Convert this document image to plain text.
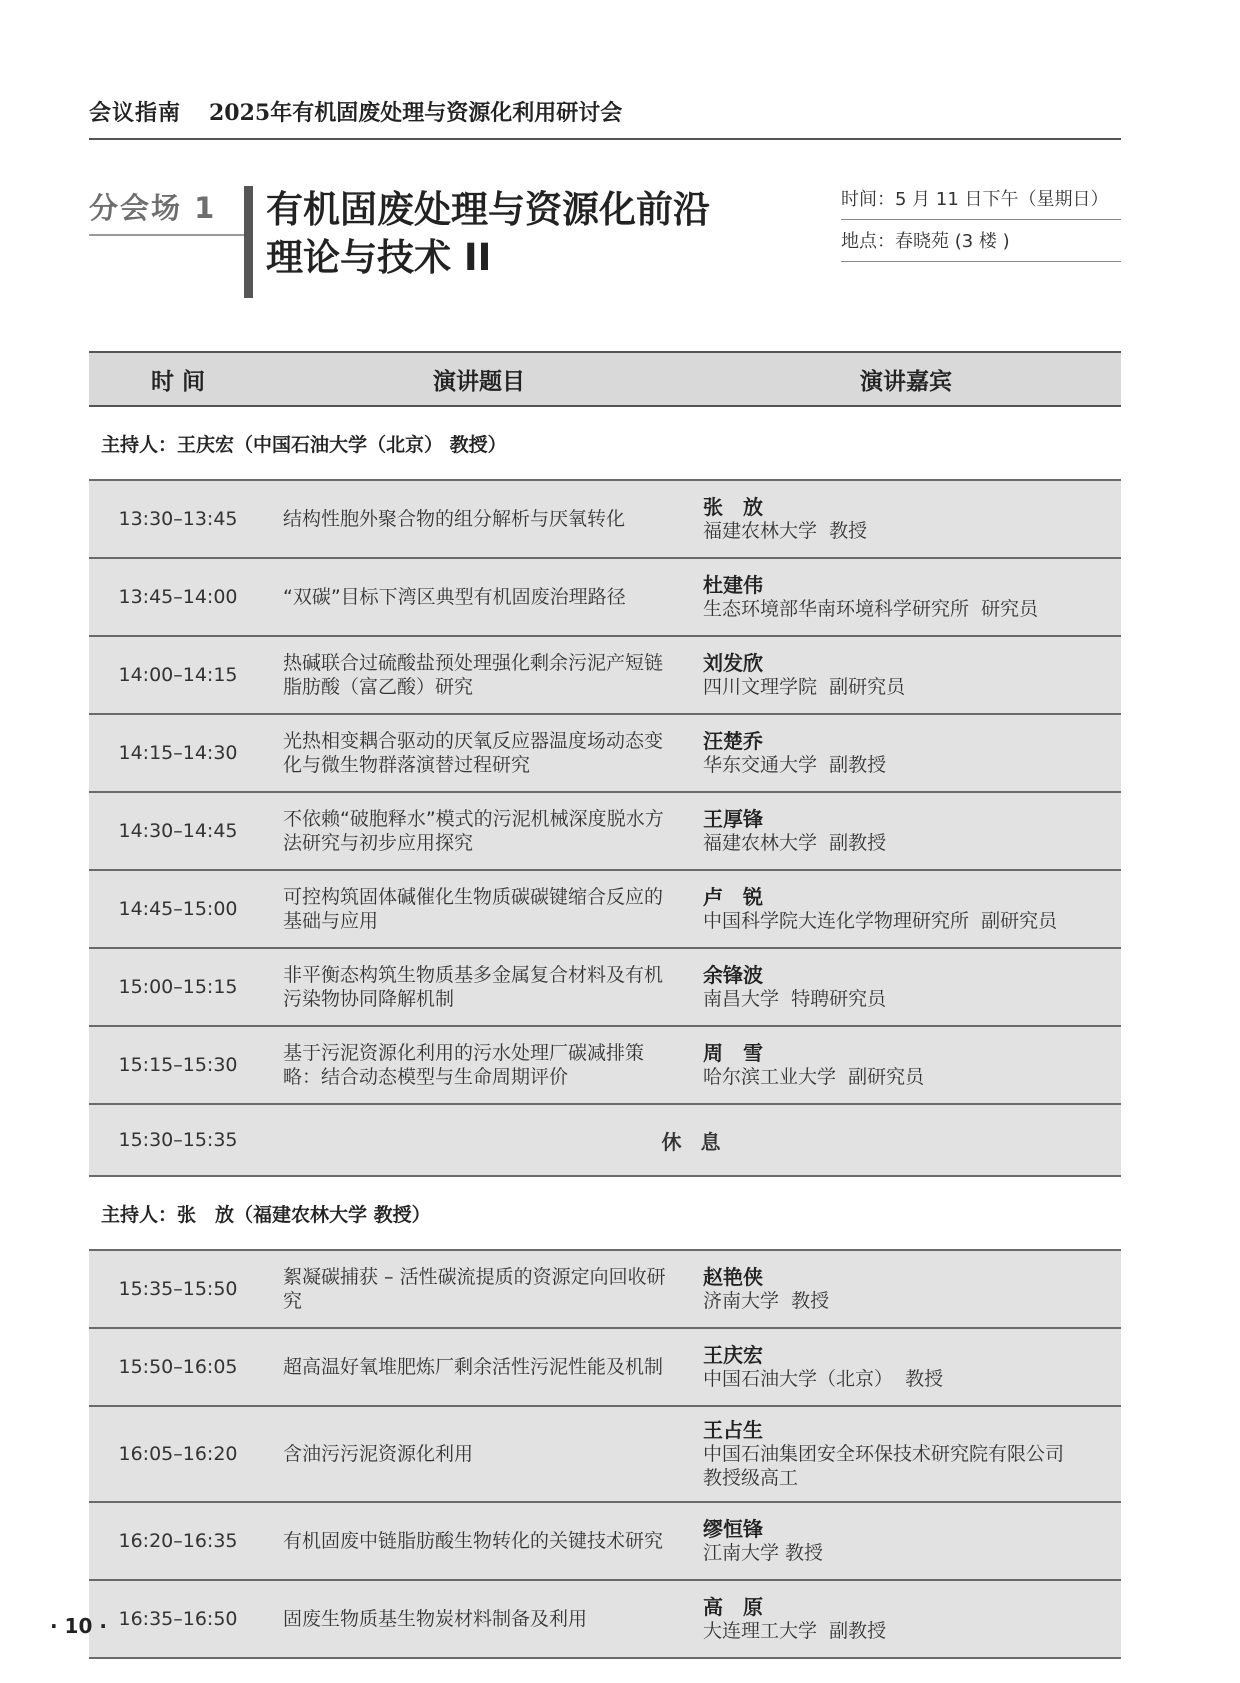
会议指南 2025年有机固废处理与资源化利用研讨会
分会场 1	有机固废处理与资源化前沿
理论与技术 II
时间：5 月 11 日下午（星期日）
地点：春晓苑 (3 楼 )
时 间	演讲题目	演讲嘉宾
主持人：王庆宏（中国石油大学（北京） 教授）		
13:30–13:45	结构性胞外聚合物的组分解析与厌氧转化	张　放
福建农林大学  教授

13:45–14:00	“双碳”目标下湾区典型有机固废治理路径	杜建伟
生态环境部华南环境科学研究所  研究员

14:00–14:15	热碱联合过硫酸盐预处理强化剩余污泥产短链脂肪酸（富乙酸）研究	刘发欣
四川文理学院  副研究员

14:15–14:30	光热相变耦合驱动的厌氧反应器温度场动态变化与微生物群落演替过程研究	汪楚乔
华东交通大学  副教授

14:30–14:45	不依赖“破胞释水”模式的污泥机械深度脱水方法研究与初步应用探究	王厚锋
福建农林大学  副教授

14:45–15:00	可控构筑固体碱催化生物质碳碳键缩合反应的基础与应用	卢　锐
中国科学院大连化学物理研究所  副研究员

15:00–15:15	非平衡态构筑生物质基多金属复合材料及有机污染物协同降解机制	余锋波
南昌大学  特聘研究员

15:15–15:30	基于污泥资源化利用的污水处理厂碳减排策略：结合动态模型与生命周期评价	周　雪
哈尔滨工业大学  副研究员

15:30–15:35	休 息	
主持人：张　放（福建农林大学 教授）		
15:35–15:50	絮凝碳捕获 – 活性碳流提质的资源定向回收研究	赵艳侠
济南大学  教授

15:50–16:05	超高温好氧堆肥炼厂剩余活性污泥性能及机制	王庆宏
中国石油大学（北京）  教授

16:05–16:20	含油污污泥资源化利用	王占生
中国石油集团安全环保技术研究院有限公司
教授级高工

16:20–16:35	有机固废中链脂肪酸生物转化的关键技术研究	缪恒锋
江南大学 教授

16:35–16:50	固废生物质基生物炭材料制备及利用	高　原
大连理工大学  副教授
· 10 ·
